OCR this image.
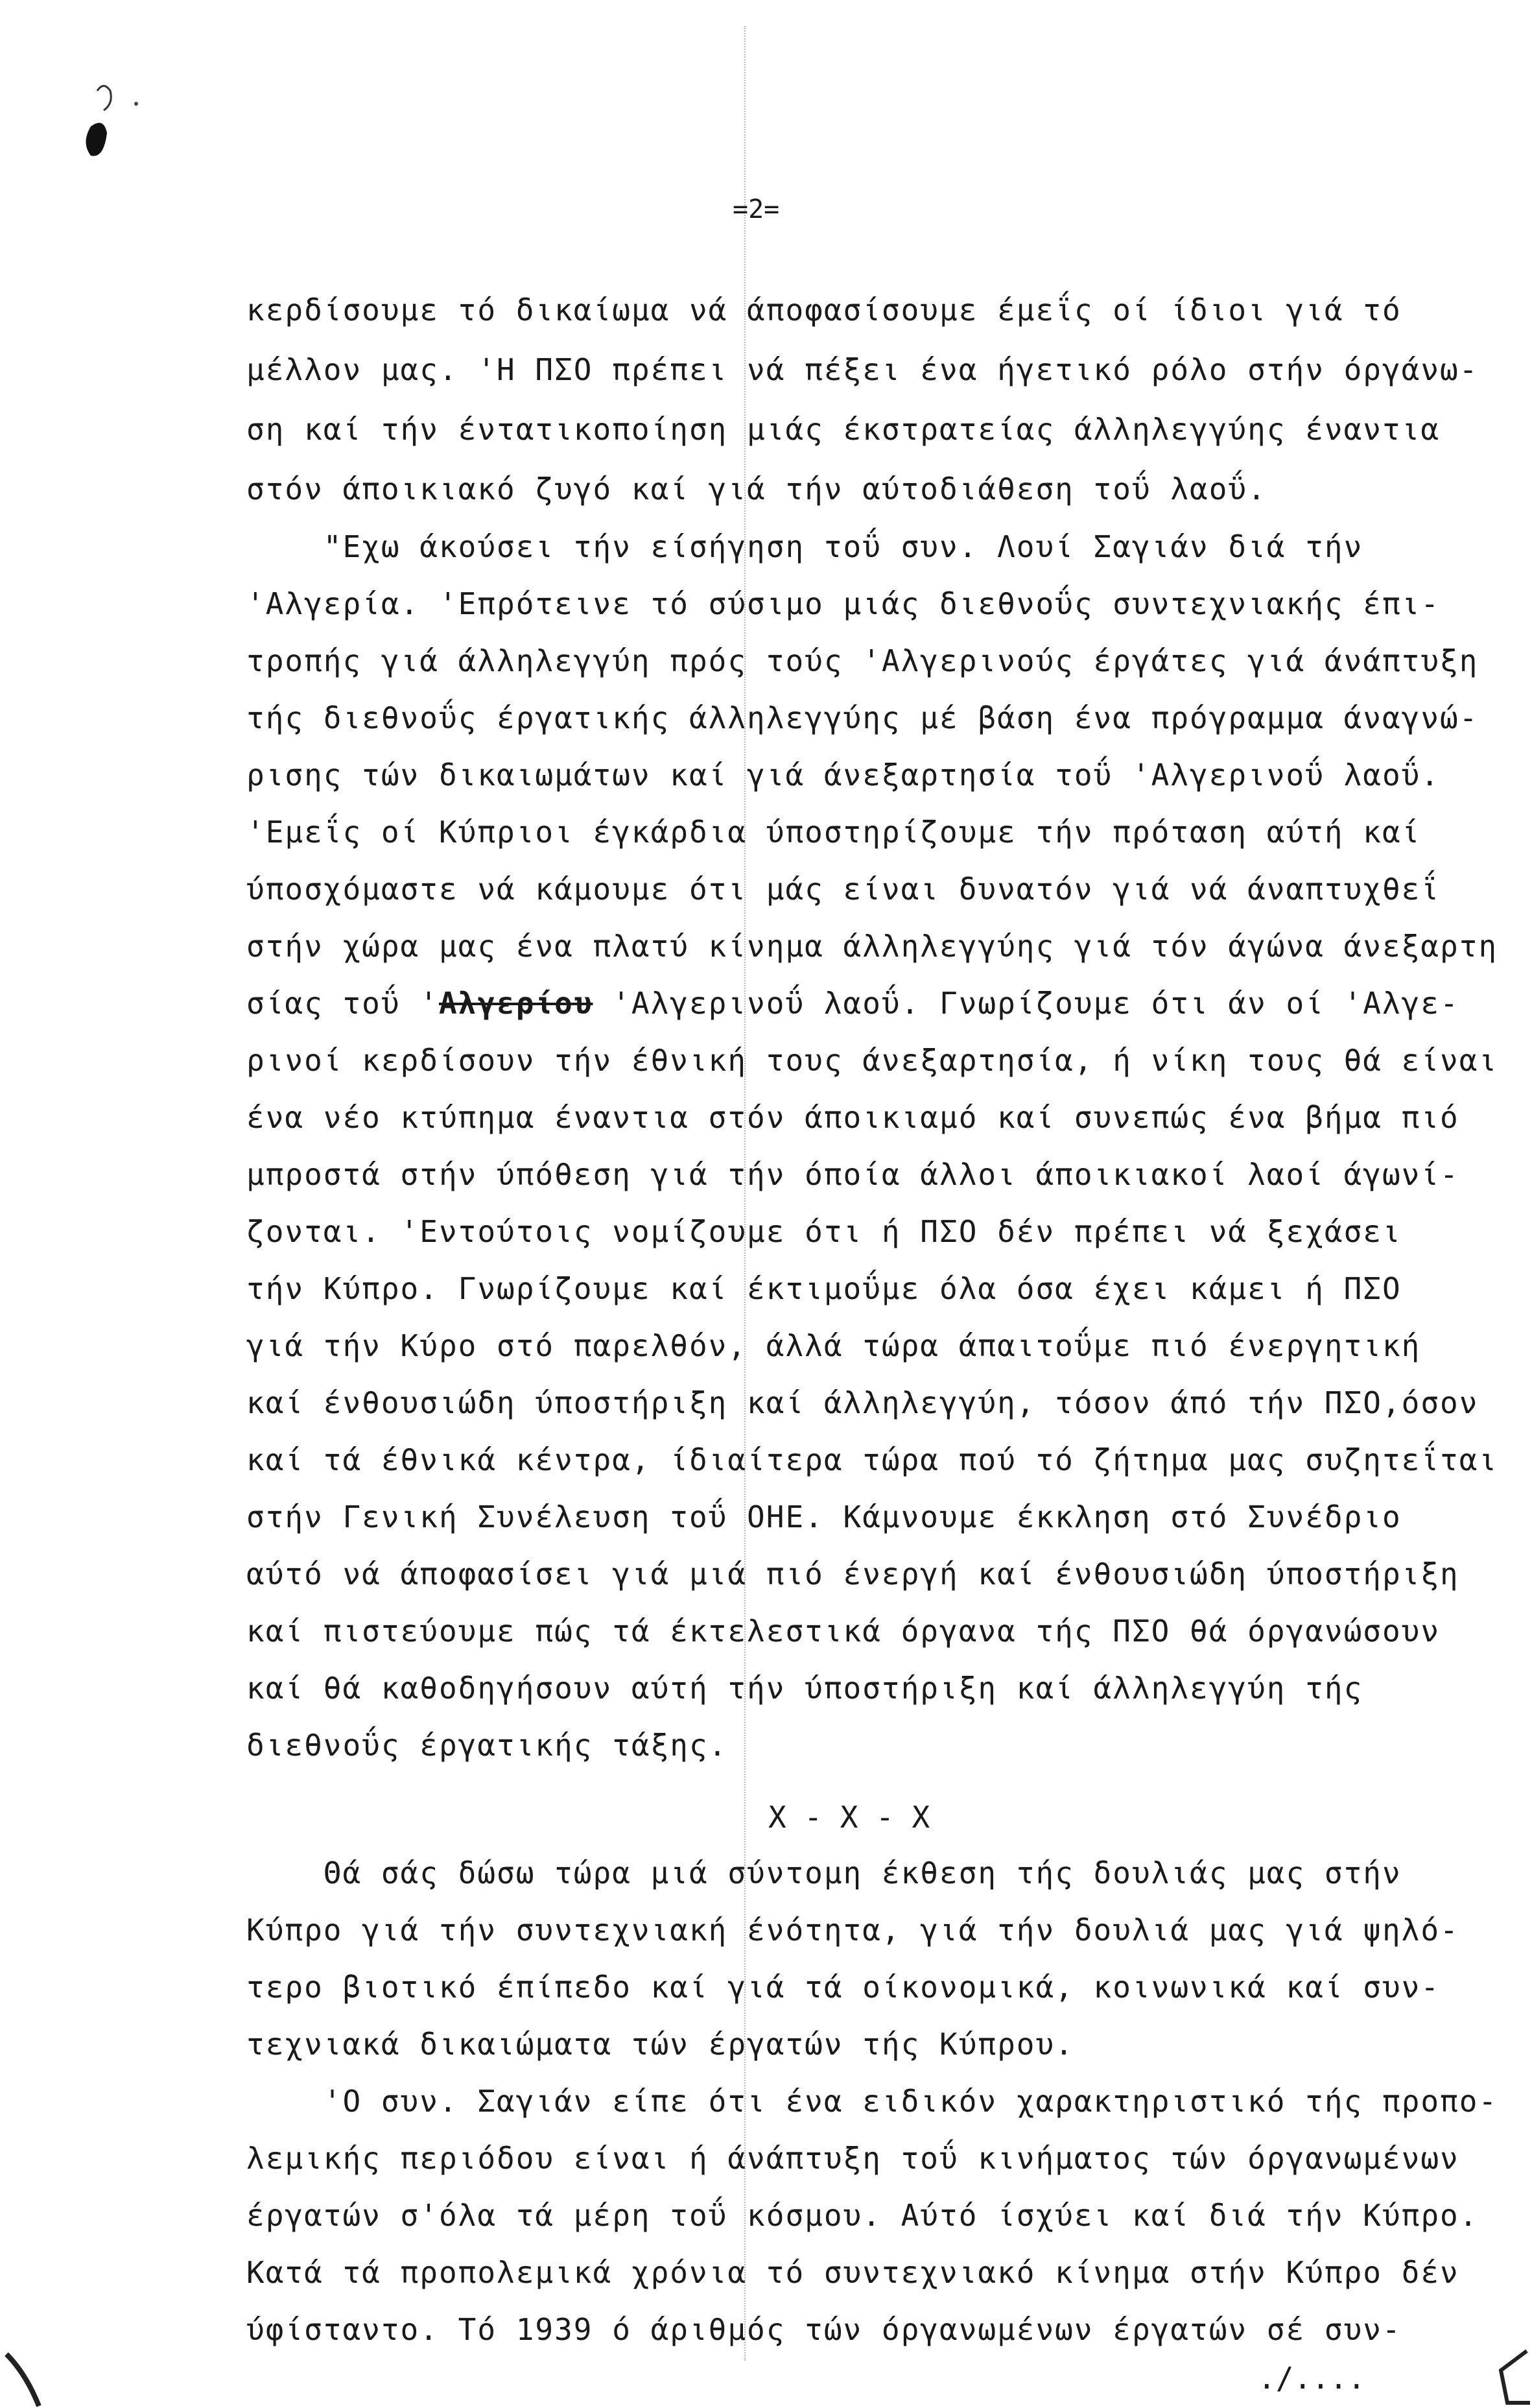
=2=
κερδίσουμε τό δικαίωμα νά άποφασίσουμε έμεΐς οί ίδιοι γιά τό
μέλλον μας. 'Η ΠΣΟ πρέπει νά πέξει ένα ήγετικό ρόλο στήν όργάνω-
ση καί τήν έντατικοποίηση μιάς έκστρατείας άλληλεγγύης έναντια
στόν άποικιακό ζυγό καί γιά τήν αύτοδιάθεση τοΰ λαοΰ.
"Εχω άκούσει τήν είσήγηση τοΰ συν. Λουί Σαγιάν διά τήν
'Αλγερία. 'Επρότεινε τό σύσιμο μιάς διεθνοΰς συντεχνιακής έπι-
τροπής γιά άλληλεγγύη πρός τούς 'Αλγερινούς έργάτες γιά άνάπτυξη
τής διεθνοΰς έργατικής άλληλεγγύης μέ βάση ένα πρόγραμμα άναγνώ-
ρισης τών δικαιωμάτων καί γιά άνεξαρτησία τοΰ 'Αλγερινοΰ λαοΰ.
'Εμεΐς οί Κύπριοι έγκάρδια ύποστηρίζουμε τήν πρόταση αύτή καί
ύποσχόμαστε νά κάμουμε ότι μάς είναι δυνατόν γιά νά άναπτυχθεΐ
στήν χώρα μας ένα πλατύ κίνημα άλληλεγγύης γιά τόν άγώνα άνεξαρτη
σίας τοΰ 'Αλγερίου 'Αλγερινοΰ λαοΰ. Γνωρίζουμε ότι άν οί 'Αλγε-
ρινοί κερδίσουν τήν έθνική τους άνεξαρτησία, ή νίκη τους θά είναι
ένα νέο κτύπημα έναντια στόν άποικιαμό καί συνεπώς ένα βήμα πιό
μπροστά στήν ύπόθεση γιά τήν όποία άλλοι άποικιακοί λαοί άγωνί-
ζονται. 'Εντούτοις νομίζουμε ότι ή ΠΣΟ δέν πρέπει νά ξεχάσει
τήν Κύπρο. Γνωρίζουμε καί έκτιμοΰμε όλα όσα έχει κάμει ή ΠΣΟ
γιά τήν Κύρο στό παρελθόν, άλλά τώρα άπαιτοΰμε πιό ένεργητική
καί ένθουσιώδη ύποστήριξη καί άλληλεγγύη, τόσον άπό τήν ΠΣΟ,όσον
καί τά έθνικά κέντρα, ίδιαίτερα τώρα πού τό ζήτημα μας συζητεΐται
στήν Γενική Συνέλευση τοΰ ΟΗΕ. Κάμνουμε έκκληση στό Συνέδριο
αύτό νά άποφασίσει γιά μιά πιό ένεργή καί ένθουσιώδη ύποστήριξη
καί πιστεύουμε πώς τά έκτελεστικά όργανα τής ΠΣΟ θά όργανώσουν
καί θά καθοδηγήσουν αύτή τήν ύποστήριξη καί άλληλεγγύη τής
διεθνοΰς έργατικής τάξης.
Χ - Χ - Χ
Θά σάς δώσω τώρα μιά σύντομη έκθεση τής δουλιάς μας στήν
Κύπρο γιά τήν συντεχνιακή ένότητα, γιά τήν δουλιά μας γιά ψηλό-
τερο βιοτικό έπίπεδο καί γιά τά οίκονομικά, κοινωνικά καί συν-
τεχνιακά δικαιώματα τών έργατών τής Κύπρου.
'Ο συν. Σαγιάν είπε ότι ένα ειδικόν χαρακτηριστικό τής προπο-
λεμικής περιόδου είναι ή άνάπτυξη τοΰ κινήματος τών όργανωμένων
έργατών σ'όλα τά μέρη τοΰ κόσμου. Αύτό ίσχύει καί διά τήν Κύπρο.
Κατά τά προπολεμικά χρόνια τό συντεχνιακό κίνημα στήν Κύπρο δέν
ύφίσταντο. Τό 1939 ό άριθμός τών όργανωμένων έργατών σέ συν-
./....
